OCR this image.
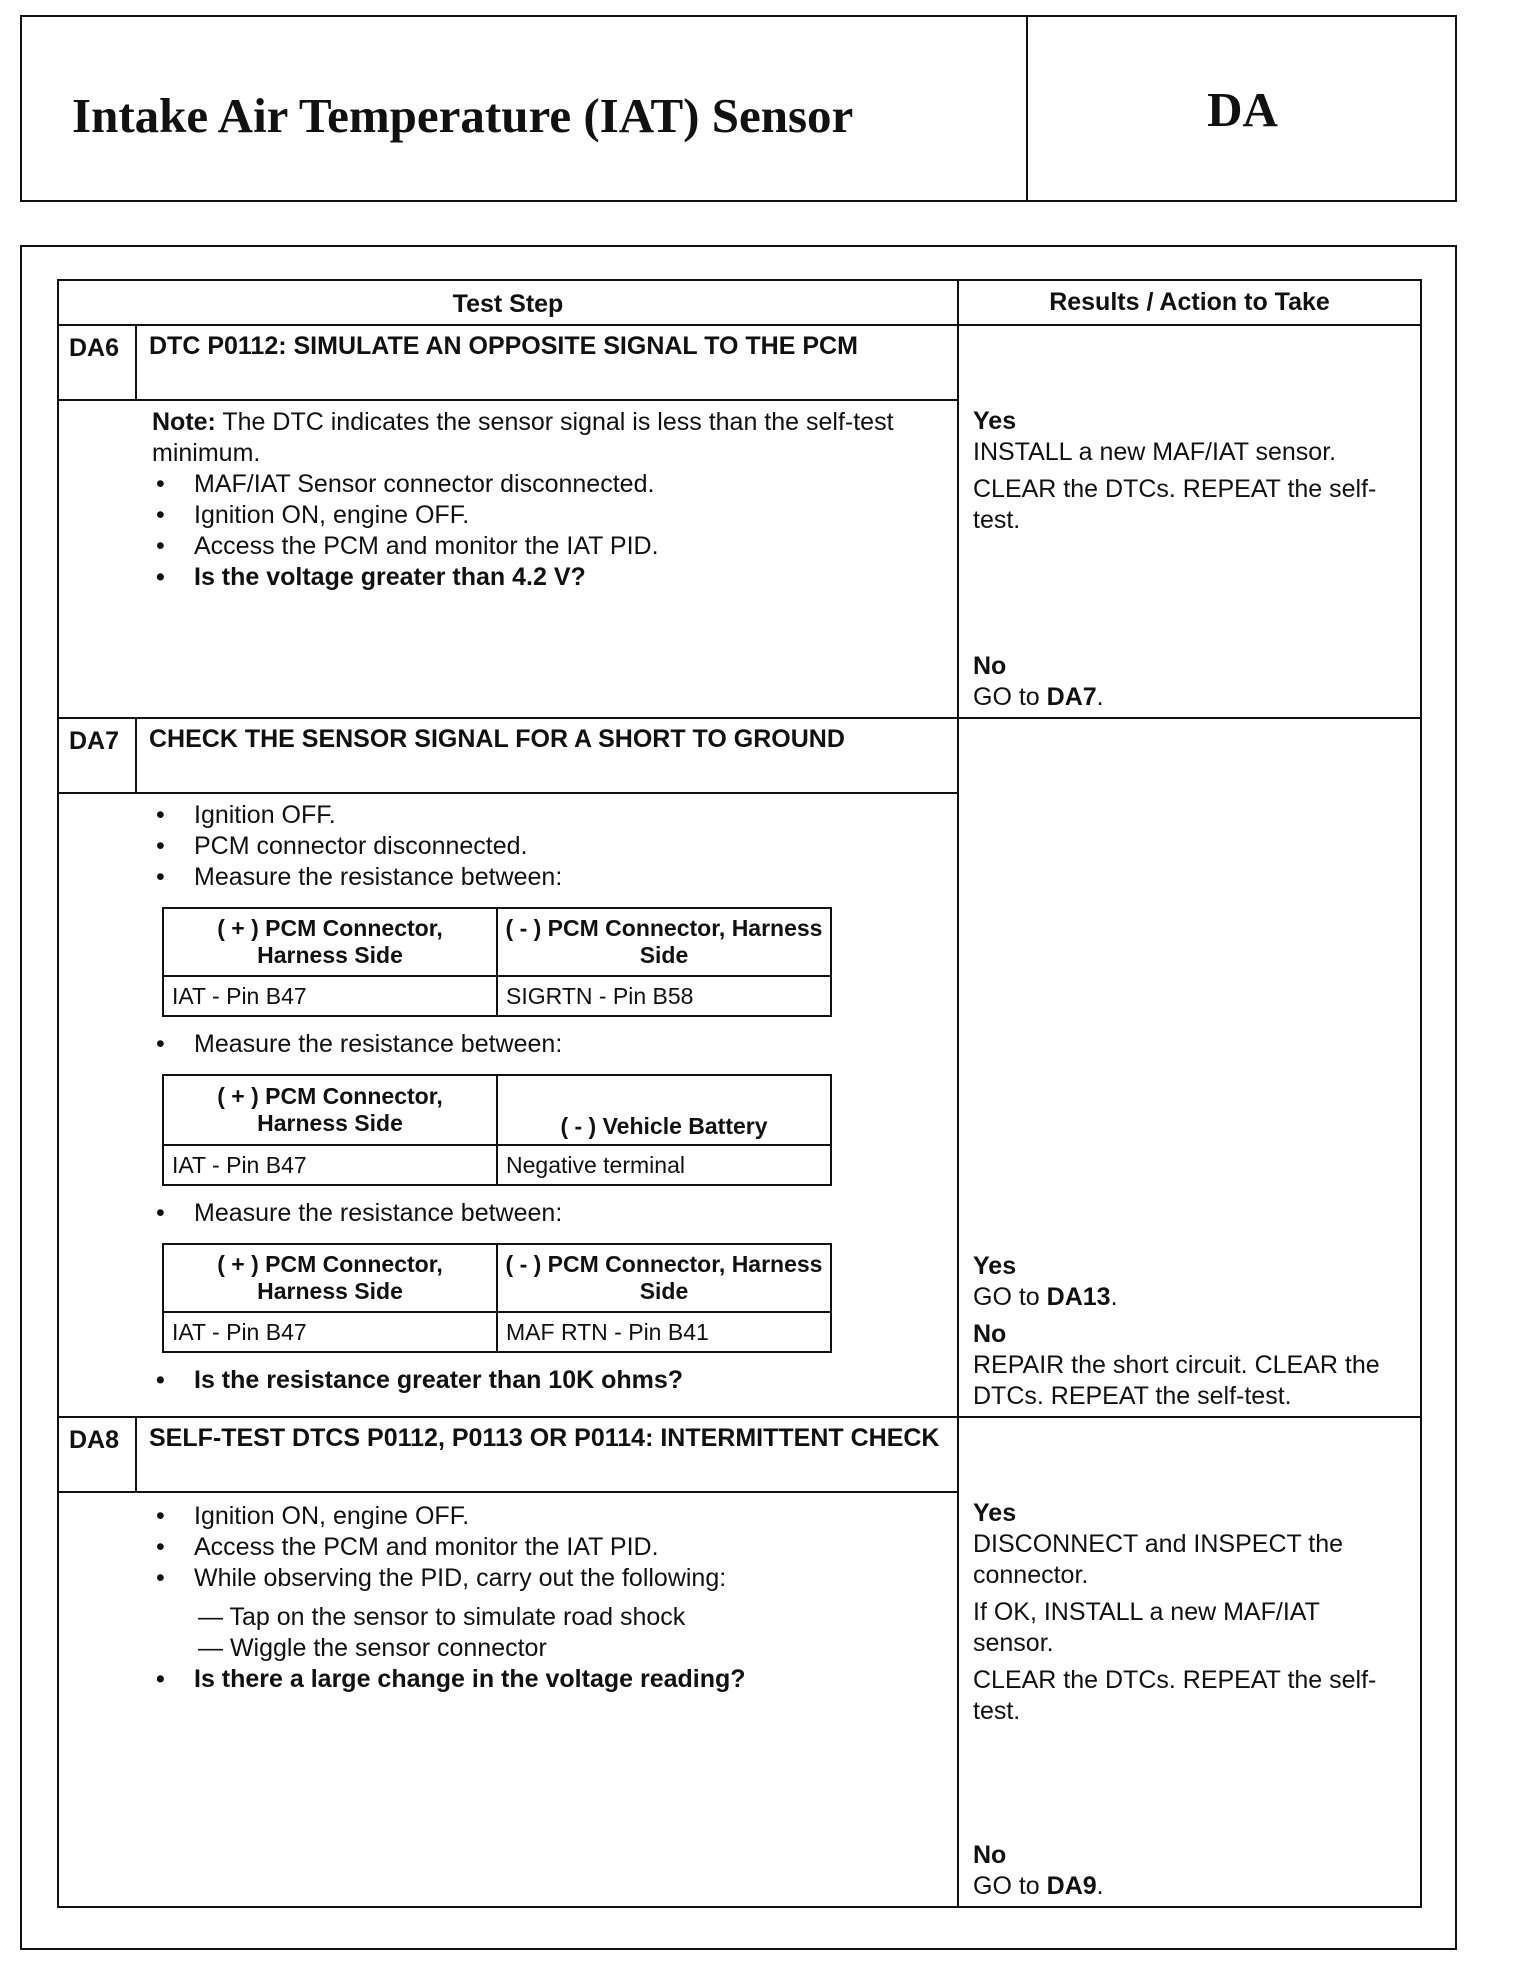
Intake Air Temperature (IAT) Sensor	DA
Test Step	Results / Action to Take
DA6	DTC P0112: SIMULATE AN OPPOSITE SIGNAL TO THE PCM
Note: The DTC indicates the sensor signal is less than the self-test minimum.
• MAF/IAT Sensor connector disconnected.
• Ignition ON, engine OFF.
• Access the PCM and monitor the IAT PID.
• Is the voltage greater than 4.2 V?
Yes
INSTALL a new MAF/IAT sensor.
CLEAR the DTCs. REPEAT the self-test.
No
GO to DA7.
DA7	CHECK THE SENSOR SIGNAL FOR A SHORT TO GROUND
• Ignition OFF.
• PCM connector disconnected.
• Measure the resistance between:
( + ) PCM Connector, Harness Side	( - ) PCM Connector, Harness Side
IAT - Pin B47	SIGRTN - Pin B58
• Measure the resistance between:
( + ) PCM Connector, Harness Side	( - ) Vehicle Battery
IAT - Pin B47	Negative terminal
• Measure the resistance between:
( + ) PCM Connector, Harness Side	( - ) PCM Connector, Harness Side
IAT - Pin B47	MAF RTN - Pin B41
• Is the resistance greater than 10K ohms?
Yes
GO to DA13.
No
REPAIR the short circuit. CLEAR the DTCs. REPEAT the self-test.
DA8	SELF-TEST DTCS P0112, P0113 OR P0114: INTERMITTENT CHECK
• Ignition ON, engine OFF.
• Access the PCM and monitor the IAT PID.
• While observing the PID, carry out the following:
— Tap on the sensor to simulate road shock
— Wiggle the sensor connector
• Is there a large change in the voltage reading?
Yes
DISCONNECT and INSPECT the connector.
If OK, INSTALL a new MAF/IAT sensor.
CLEAR the DTCs. REPEAT the self-test.
No
GO to DA9.
